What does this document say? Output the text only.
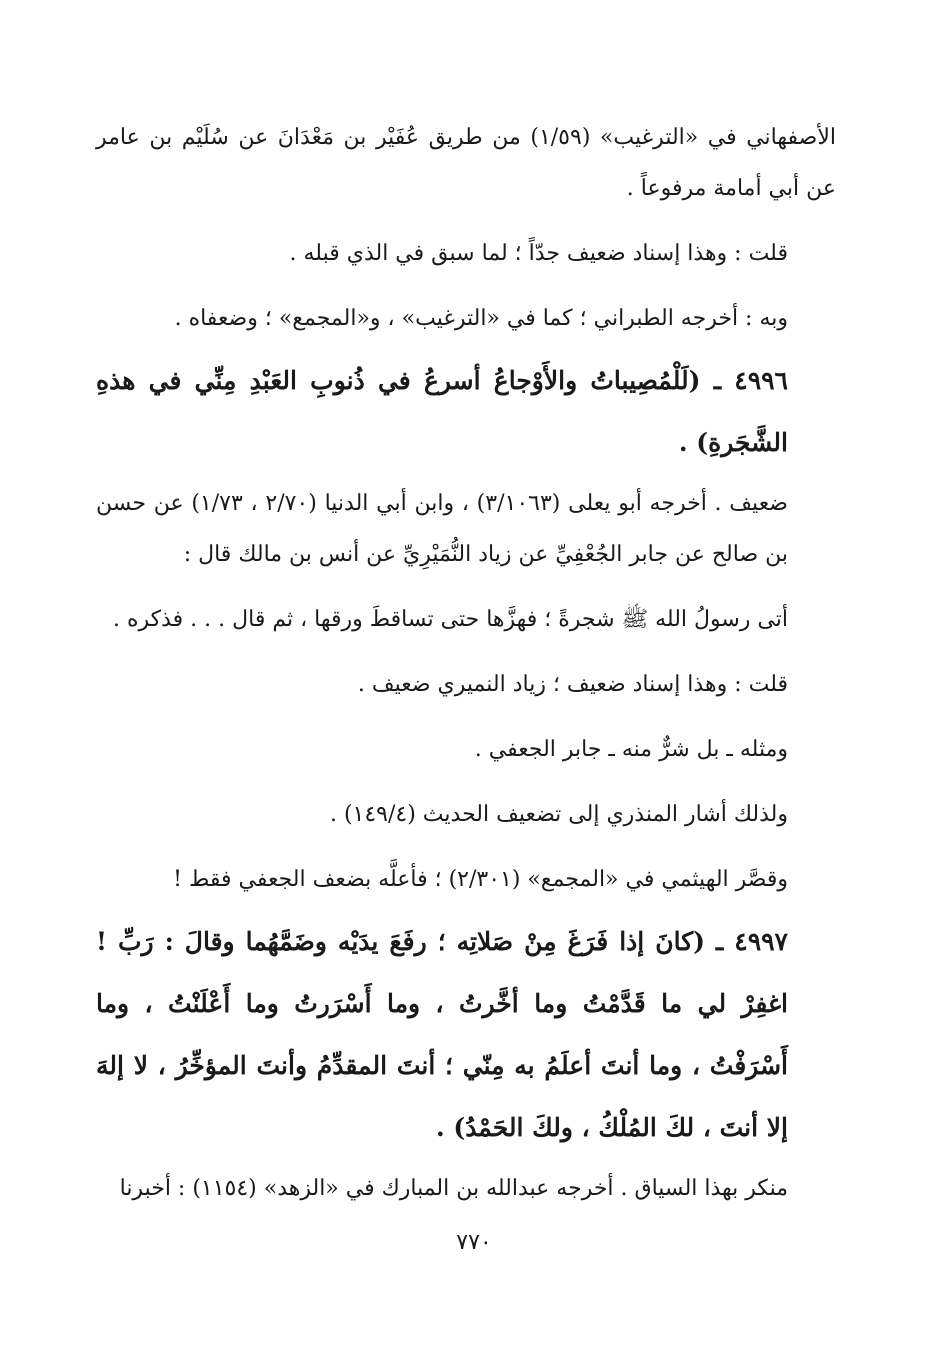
الأصفهاني في «الترغيب» (١/٥٩) من طريق عُفَيْر بن مَعْدَانَ عن سُلَيْم بن عامر عن أبي أمامة مرفوعاً .

قلت : وهذا إسناد ضعيف جدّاً ؛ لما سبق في الذي قبله .

وبه : أخرجه الطبراني ؛ كما في «الترغيب» ، و«المجمع» ؛ وضعفاه .

٤٩٩٦ ـ (لَلْمُصِيباتُ والأَوْجاعُ أسرعُ في ذُنوبِ العَبْدِ مِنِّي في هذهِ الشَّجَرةِ) .

ضعيف . أخرجه أبو يعلى (٣/١٠٦٣) ، وابن أبي الدنيا (٢/٧٠ ، ١/٧٣) عن حسن بن صالح عن جابر الجُعْفِيِّ عن زياد النُّمَيْرِيِّ عن أنس بن مالك قال :

أتى رسولُ الله ﷺ شجرةً ؛ فهزَّها حتى تساقطَ ورقها ، ثم قال . . . فذكره .

قلت : وهذا إسناد ضعيف ؛ زياد النميري ضعيف .

ومثله ـ بل شرٌّ منه ـ جابر الجعفي .

ولذلك أشار المنذري إلى تضعيف الحديث (١٤٩/٤) .

وقصَّر الهيثمي في «المجمع» (٢/٣٠١) ؛ فأعلَّه بضعف الجعفي فقط !

٤٩٩٧ ـ (كانَ إذا فَرَغَ مِنْ صَلاتِه ؛ رفَعَ يدَيْه وضَمَّهُما وقالَ : رَبِّ ! اغفِرْ لي ما قَدَّمْتُ وما أخَّرتُ ، وما أَسْرَرتُ وما أَعْلَنْتُ ، وما أَسْرَفْتُ ، وما أنتَ أعلَمُ به مِنّي ؛ أنتَ المقدِّمُ وأنتَ المؤخِّرُ ، لا إلهَ إلا أنتَ ، لكَ المُلْكُ ، ولكَ الحَمْدُ) .

منكر بهذا السياق . أخرجه عبدالله بن المبارك في «الزهد» (١١٥٤) : أخبرنا

٧٧٠
